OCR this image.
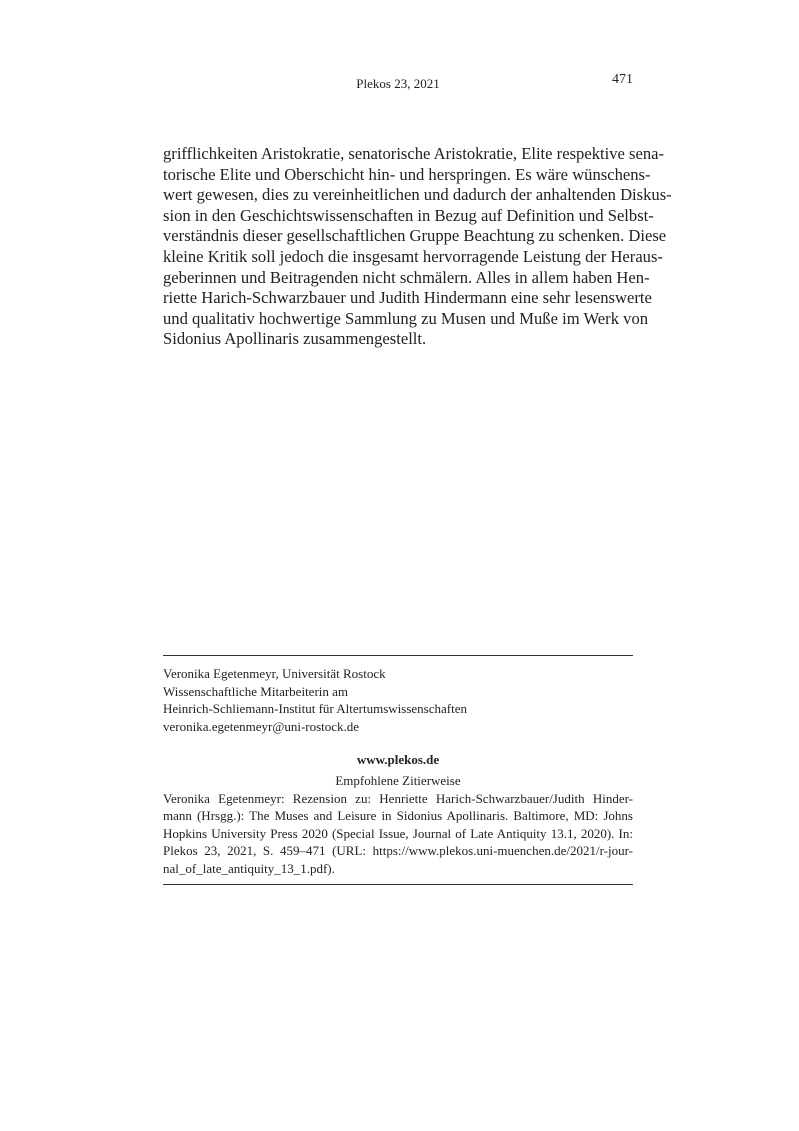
Plekos 23, 2021	471
grifflichkeiten Aristokratie, senatorische Aristokratie, Elite respektive sena-
torische Elite und Oberschicht hin- und herspringen. Es wäre wünschens-
wert gewesen, dies zu vereinheitlichen und dadurch der anhaltenden Diskus-
sion in den Geschichtswissenschaften in Bezug auf Definition und Selbst-
verständnis dieser gesellschaftlichen Gruppe Beachtung zu schenken. Diese
kleine Kritik soll jedoch die insgesamt hervorragende Leistung der Heraus-
geberinnen und Beitragenden nicht schmälern. Alles in allem haben Hen-
riette Harich-Schwarzbauer und Judith Hindermann eine sehr lesenswerte
und qualitativ hochwertige Sammlung zu Musen und Muße im Werk von
Sidonius Apollinaris zusammengestellt.
Veronika Egetenmeyr, Universität Rostock
Wissenschaftliche Mitarbeiterin am
Heinrich-Schliemann-Institut für Altertumswissenschaften
veronika.egetenmeyr@uni-rostock.de
www.plekos.de
Empfohlene Zitierweise
Veronika Egetenmeyr: Rezension zu: Henriette Harich-Schwarzbauer/Judith Hinder-
mann (Hrsgg.): The Muses and Leisure in Sidonius Apollinaris. Baltimore, MD: Johns
Hopkins University Press 2020 (Special Issue, Journal of Late Antiquity 13.1, 2020). In:
Plekos 23, 2021, S. 459–471 (URL: https://www.plekos.uni-muenchen.de/2021/r-jour-
nal_of_late_antiquity_13_1.pdf).
